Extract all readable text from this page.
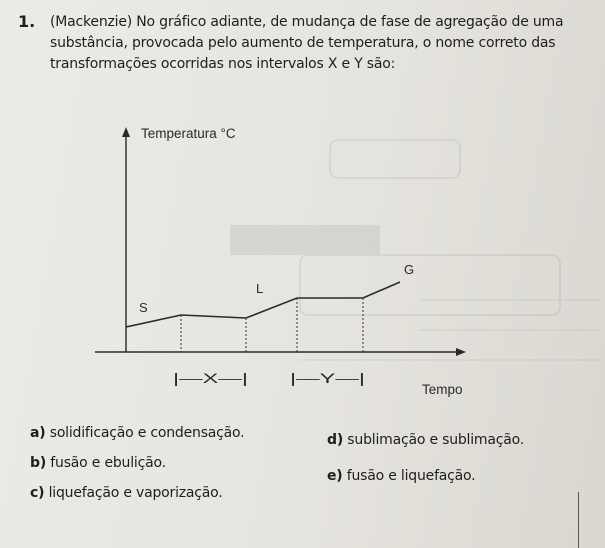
1. (Mackenzie) No gráfico adiante, de mudança de fase de agregação de uma substância, provocada pelo aumento de temperatura, o nome correto das transformações ocorridas nos intervalos X e Y são:
Temperatura °C
Tempo
S
L
G
|—X—|	|—Y—|
a) solidificação e condensação.	d) sublimação e sublimação.
b) fusão e ebulição.
e) fusão e liquefação.
c) liquefação e vaporização.
